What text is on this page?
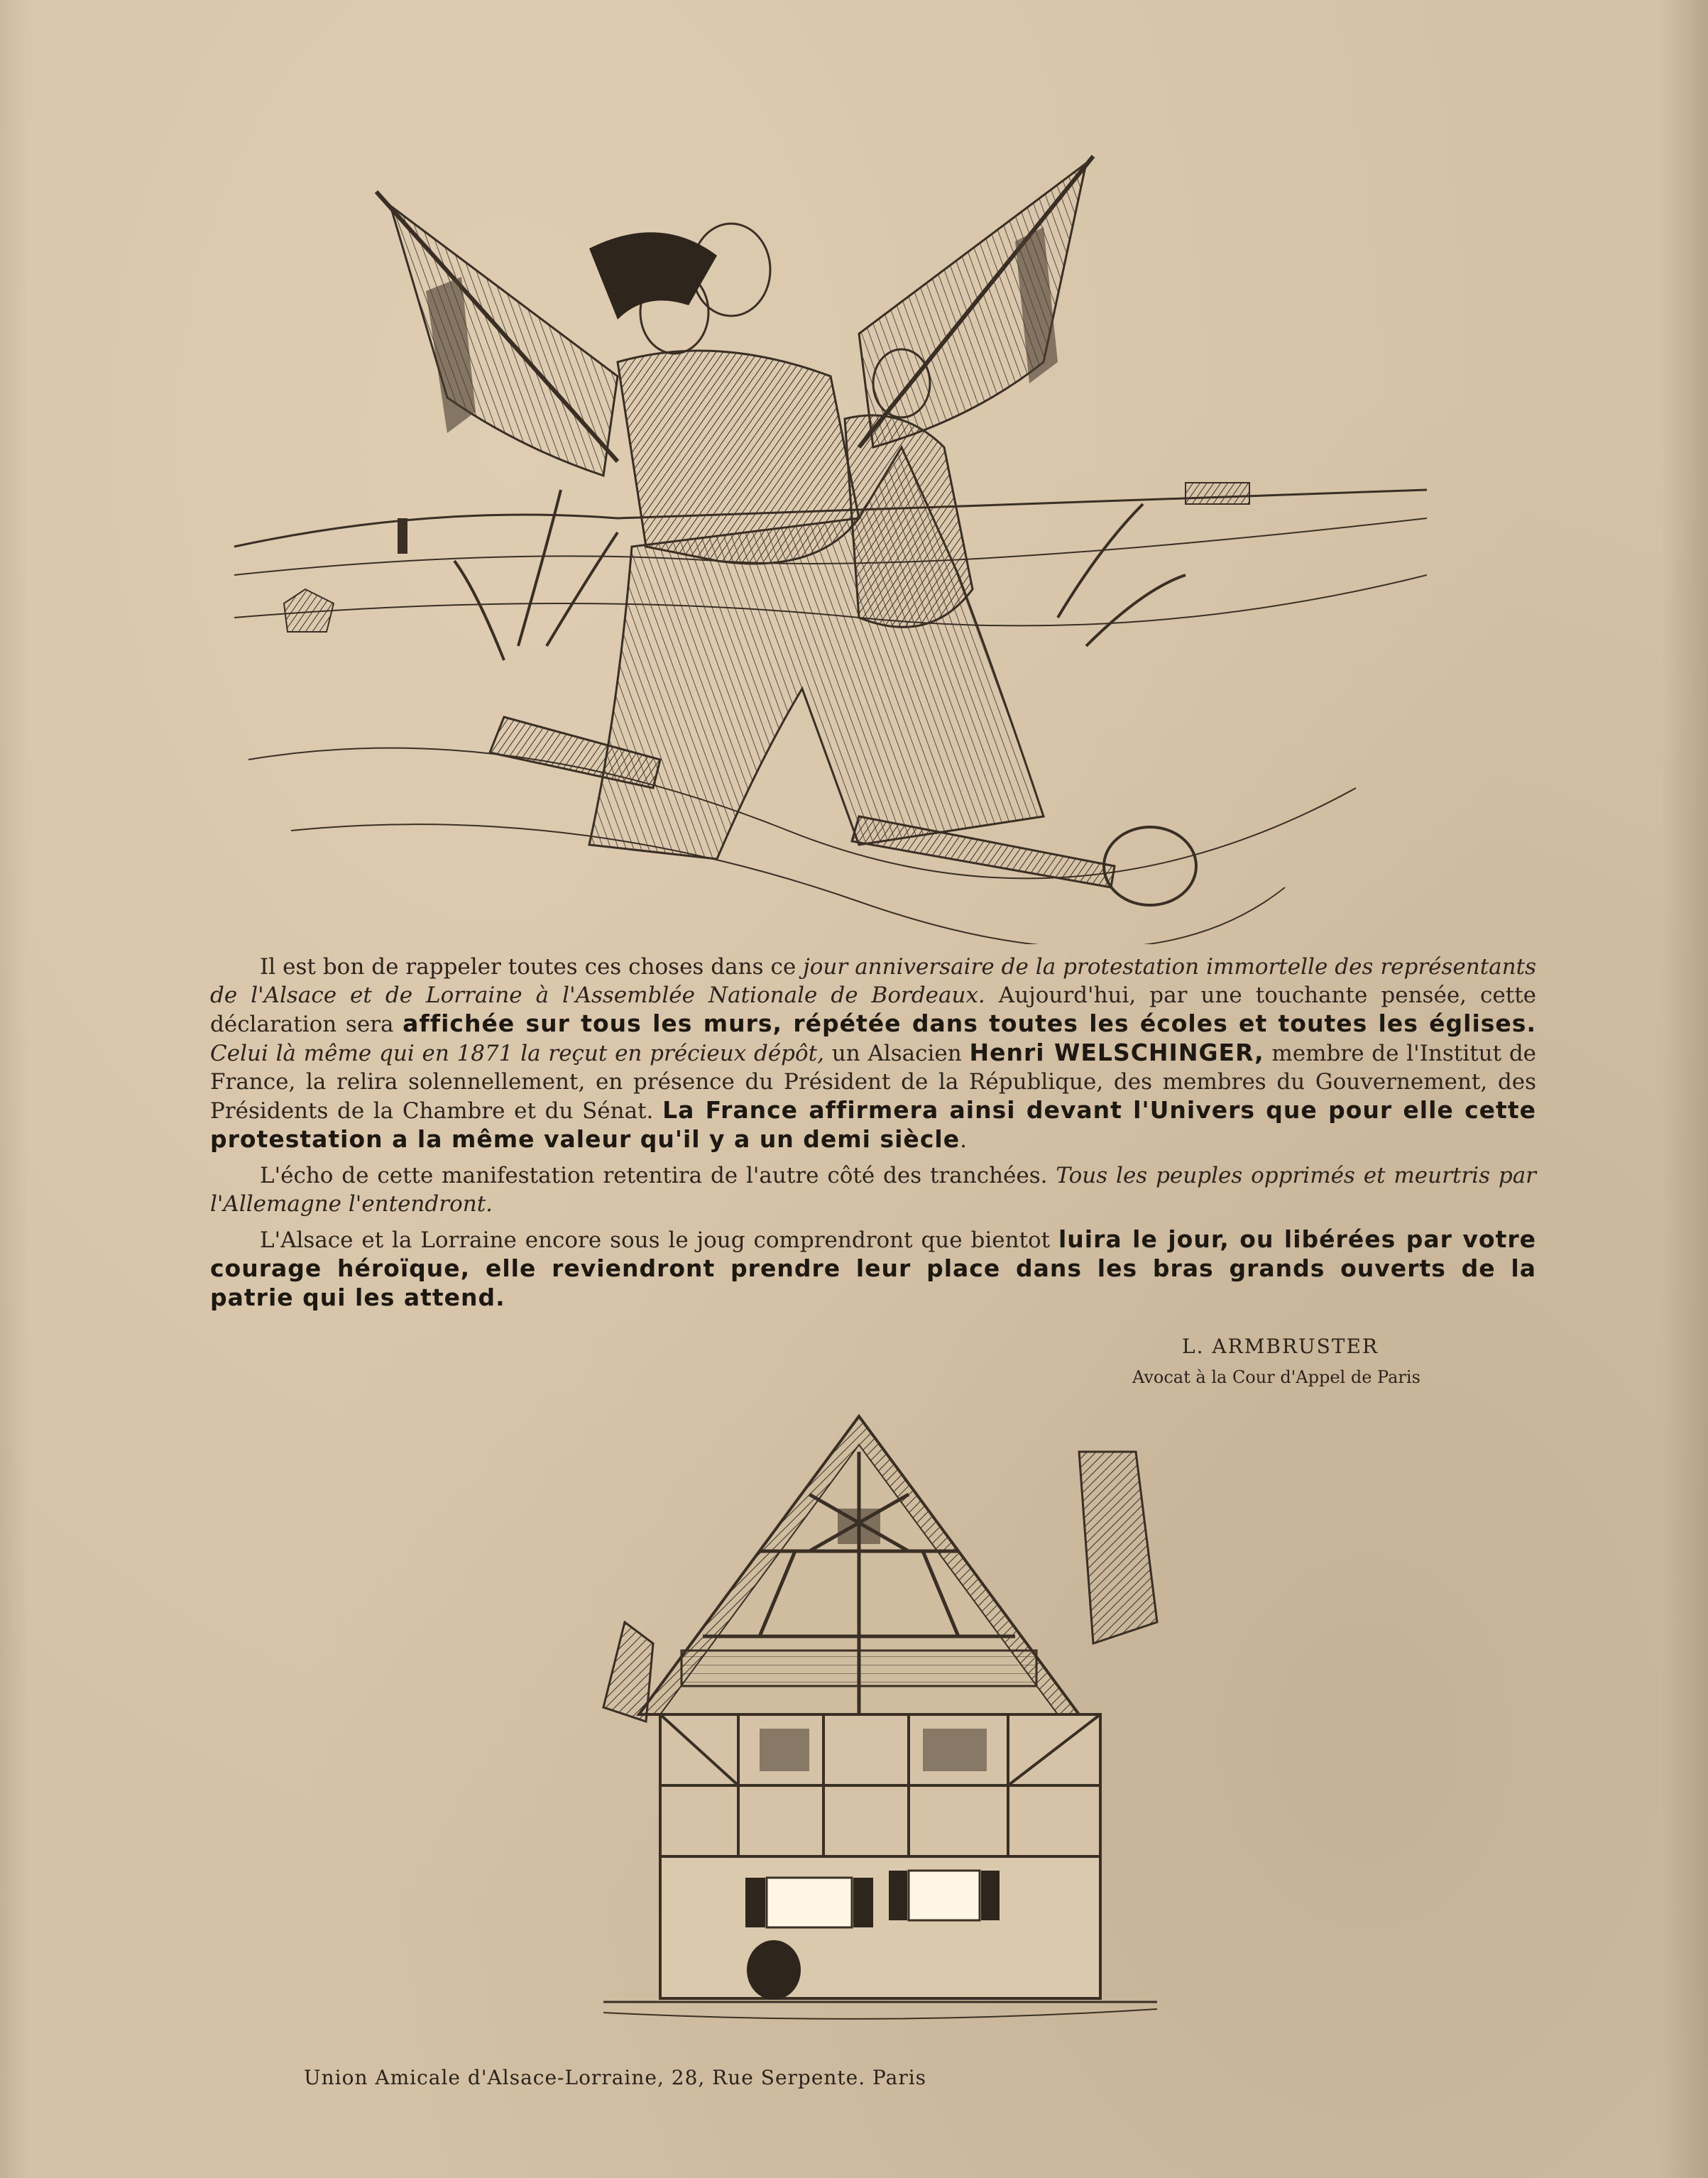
Il est bon de rappeler toutes ces choses dans ce jour anniversaire de la protestation immortelle des représentants de l'Alsace et de Lorraine à l'Assemblée Nationale de Bordeaux. Aujourd'hui, par une touchante pensée, cette déclaration sera affichée sur tous les murs, répétée dans toutes les écoles et toutes les églises. Celui là même qui en 1871 la reçut en précieux dépôt, un Alsacien Henri WELSCHINGER, membre de l'Institut de France, la relira solennellement, en présence du Président de la République, des membres du Gouvernement, des Présidents de la Chambre et du Sénat. La France affirmera ainsi devant l'Univers que pour elle cette protestation a la même valeur qu'il y a un demi siècle.

L'écho de cette manifestation retentira de l'autre côté des tranchées. Tous les peuples opprimés et meurtris par l'Allemagne l'entendront.

L'Alsace et la Lorraine encore sous le joug comprendront que bientot luira le jour, ou libérées par votre courage héroïque, elle reviendront prendre leur place dans les bras grands ouverts de la patrie qui les attend.

L. ARMBRUSTER
Avocat à la Cour d'Appel de Paris
Union Amicale d'Alsace-Lorraine, 28, Rue Serpente. Paris
